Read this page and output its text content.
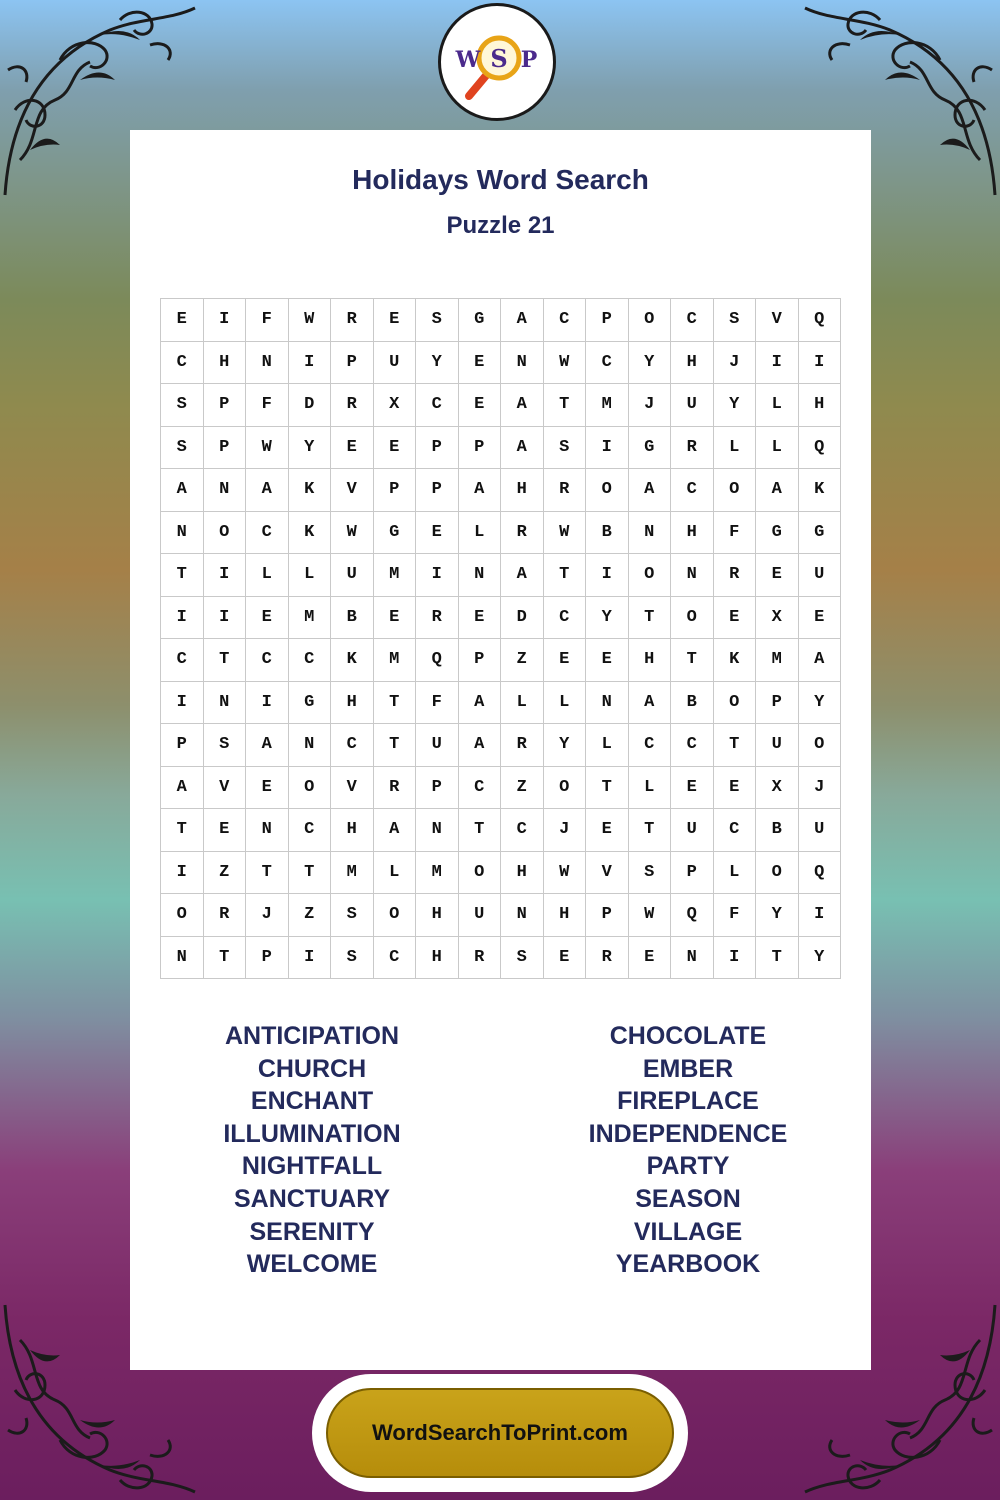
W S P
Holidays Word Search
Puzzle 21
E	I	F	W	R	E	S	G	A	C	P	O	C	S	V	Q
C	H	N	I	P	U	Y	E	N	W	C	Y	H	J	I	I
S	P	F	D	R	X	C	E	A	T	M	J	U	Y	L	H
S	P	W	Y	E	E	P	P	A	S	I	G	R	L	L	Q
A	N	A	K	V	P	P	A	H	R	O	A	C	O	A	K
N	O	C	K	W	G	E	L	R	W	B	N	H	F	G	G
T	I	L	L	U	M	I	N	A	T	I	O	N	R	E	U
I	I	E	M	B	E	R	E	D	C	Y	T	O	E	X	E
C	T	C	C	K	M	Q	P	Z	E	E	H	T	K	M	A
I	N	I	G	H	T	F	A	L	L	N	A	B	O	P	Y
P	S	A	N	C	T	U	A	R	Y	L	C	C	T	U	O
A	V	E	O	V	R	P	C	Z	O	T	L	E	E	X	J
T	E	N	C	H	A	N	T	C	J	E	T	U	C	B	U
I	Z	T	T	M	L	M	O	H	W	V	S	P	L	O	Q
O	R	J	Z	S	O	H	U	N	H	P	W	Q	F	Y	I
N	T	P	I	S	C	H	R	S	E	R	E	N	I	T	Y
ANTICIPATION
CHURCH
ENCHANT
ILLUMINATION
NIGHTFALL
SANCTUARY
SERENITY
WELCOME
CHOCOLATE
EMBER
FIREPLACE
INDEPENDENCE
PARTY
SEASON
VILLAGE
YEARBOOK
WordSearchToPrint.com
